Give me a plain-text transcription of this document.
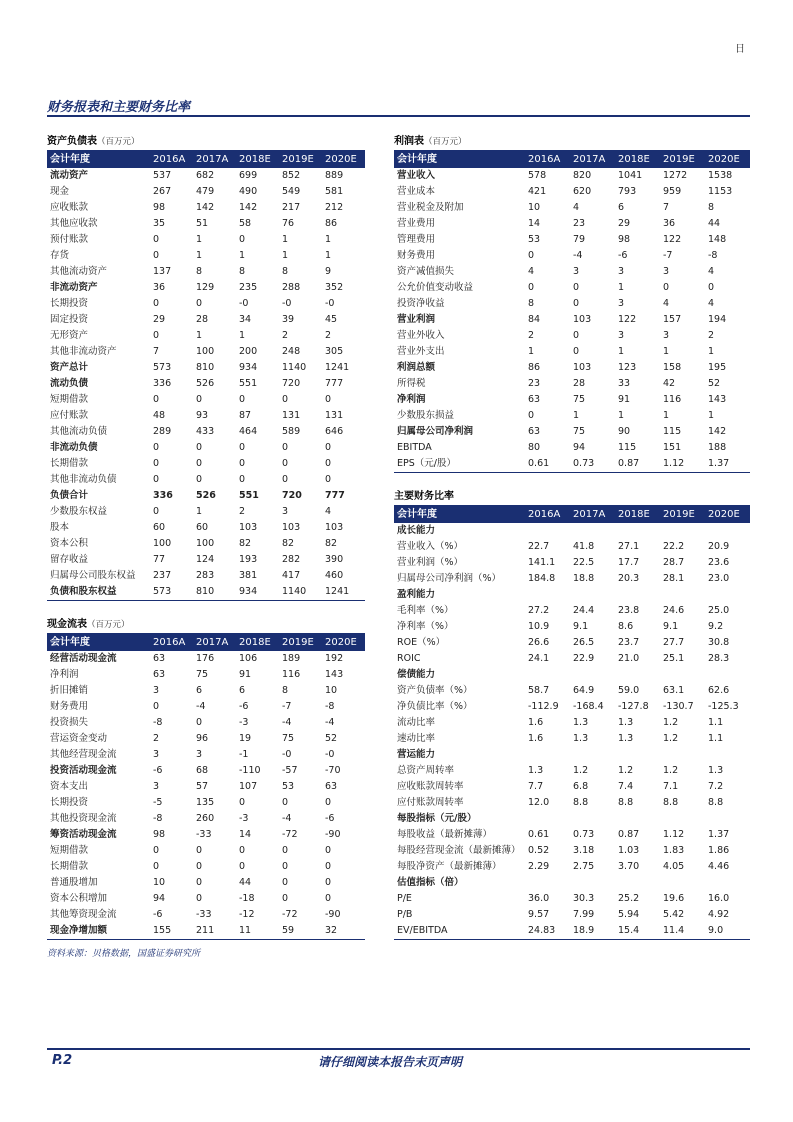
日
财务报表和主要财务比率
资产负债表（百万元）
会计年度	2016A	2017A	2018E	2019E	2020E
流动资产	537	682	699	852	889
现金	267	479	490	549	581
应收账款	98	142	142	217	212
其他应收款	35	51	58	76	86
预付账款	0	1	0	1	1
存货	0	1	1	1	1
其他流动资产	137	8	8	8	9
非流动资产	36	129	235	288	352
长期投资	0	0	-0	-0	-0
固定投资	29	28	34	39	45
无形资产	0	1	1	2	2
其他非流动资产	7	100	200	248	305
资产总计	573	810	934	1140	1241
流动负债	336	526	551	720	777
短期借款	0	0	0	0	0
应付账款	48	93	87	131	131
其他流动负债	289	433	464	589	646
非流动负债	0	0	0	0	0
长期借款	0	0	0	0	0
其他非流动负债	0	0	0	0	0
负债合计	336	526	551	720	777
少数股东权益	0	1	2	3	4
股本	60	60	103	103	103
资本公积	100	100	82	82	82
留存收益	77	124	193	282	390
归属母公司股东权益	237	283	381	417	460
负债和股东权益	573	810	934	1140	1241
现金流表（百万元）
会计年度	2016A	2017A	2018E	2019E	2020E
经营活动现金流	63	176	106	189	192
净利润	63	75	91	116	143
折旧摊销	3	6	6	8	10
财务费用	0	-4	-6	-7	-8
投资损失	-8	0	-3	-4	-4
营运资金变动	2	96	19	75	52
其他经营现金流	3	3	-1	-0	-0
投资活动现金流	-6	68	-110	-57	-70
资本支出	3	57	107	53	63
长期投资	-5	135	0	0	0
其他投资现金流	-8	260	-3	-4	-6
筹资活动现金流	98	-33	14	-72	-90
短期借款	0	0	0	0	0
长期借款	0	0	0	0	0
普通股增加	10	0	44	0	0
资本公积增加	94	0	-18	0	0
其他筹资现金流	-6	-33	-12	-72	-90
现金净增加额	155	211	11	59	32
利润表（百万元）
会计年度	2016A	2017A	2018E	2019E	2020E
营业收入	578	820	1041	1272	1538
营业成本	421	620	793	959	1153
营业税金及附加	10	4	6	7	8
营业费用	14	23	29	36	44
管理费用	53	79	98	122	148
财务费用	0	-4	-6	-7	-8
资产减值损失	4	3	3	3	4
公允价值变动收益	0	0	1	0	0
投资净收益	8	0	3	4	4
营业利润	84	103	122	157	194
营业外收入	2	0	3	3	2
营业外支出	1	0	1	1	1
利润总额	86	103	123	158	195
所得税	23	28	33	42	52
净利润	63	75	91	116	143
少数股东损益	0	1	1	1	1
归属母公司净利润	63	75	90	115	142
EBITDA	80	94	115	151	188
EPS（元/股）	0.61	0.73	0.87	1.12	1.37
主要财务比率
会计年度	2016A	2017A	2018E	2019E	2020E
成长能力					
营业收入（%）	22.7	41.8	27.1	22.2	20.9
营业利润（%）	141.1	22.5	17.7	28.7	23.6
归属母公司净利润（%）	184.8	18.8	20.3	28.1	23.0
盈利能力					
毛利率（%）	27.2	24.4	23.8	24.6	25.0
净利率（%）	10.9	9.1	8.6	9.1	9.2
ROE（%）	26.6	26.5	23.7	27.7	30.8
ROIC	24.1	22.9	21.0	25.1	28.3
偿债能力					
资产负债率（%）	58.7	64.9	59.0	63.1	62.6
净负债比率（%）	-112.9	-168.4	-127.8	-130.7	-125.3
流动比率	1.6	1.3	1.3	1.2	1.1
速动比率	1.6	1.3	1.3	1.2	1.1
营运能力					
总资产周转率	1.3	1.2	1.2	1.2	1.3
应收账款周转率	7.7	6.8	7.4	7.1	7.2
应付账款周转率	12.0	8.8	8.8	8.8	8.8
每股指标（元/股）					
每股收益（最新摊薄）	0.61	0.73	0.87	1.12	1.37
每股经营现金流（最新摊薄）	0.52	3.18	1.03	1.83	1.86
每股净资产（最新摊薄）	2.29	2.75	3.70	4.05	4.46
估值指标（倍）					
P/E	36.0	30.3	25.2	19.6	16.0
P/B	9.57	7.99	5.94	5.42	4.92
EV/EBITDA	24.83	18.9	15.4	11.4	9.0
资料来源：贝格数据，国盛证券研究所
P.2	请仔细阅读本报告末页声明
